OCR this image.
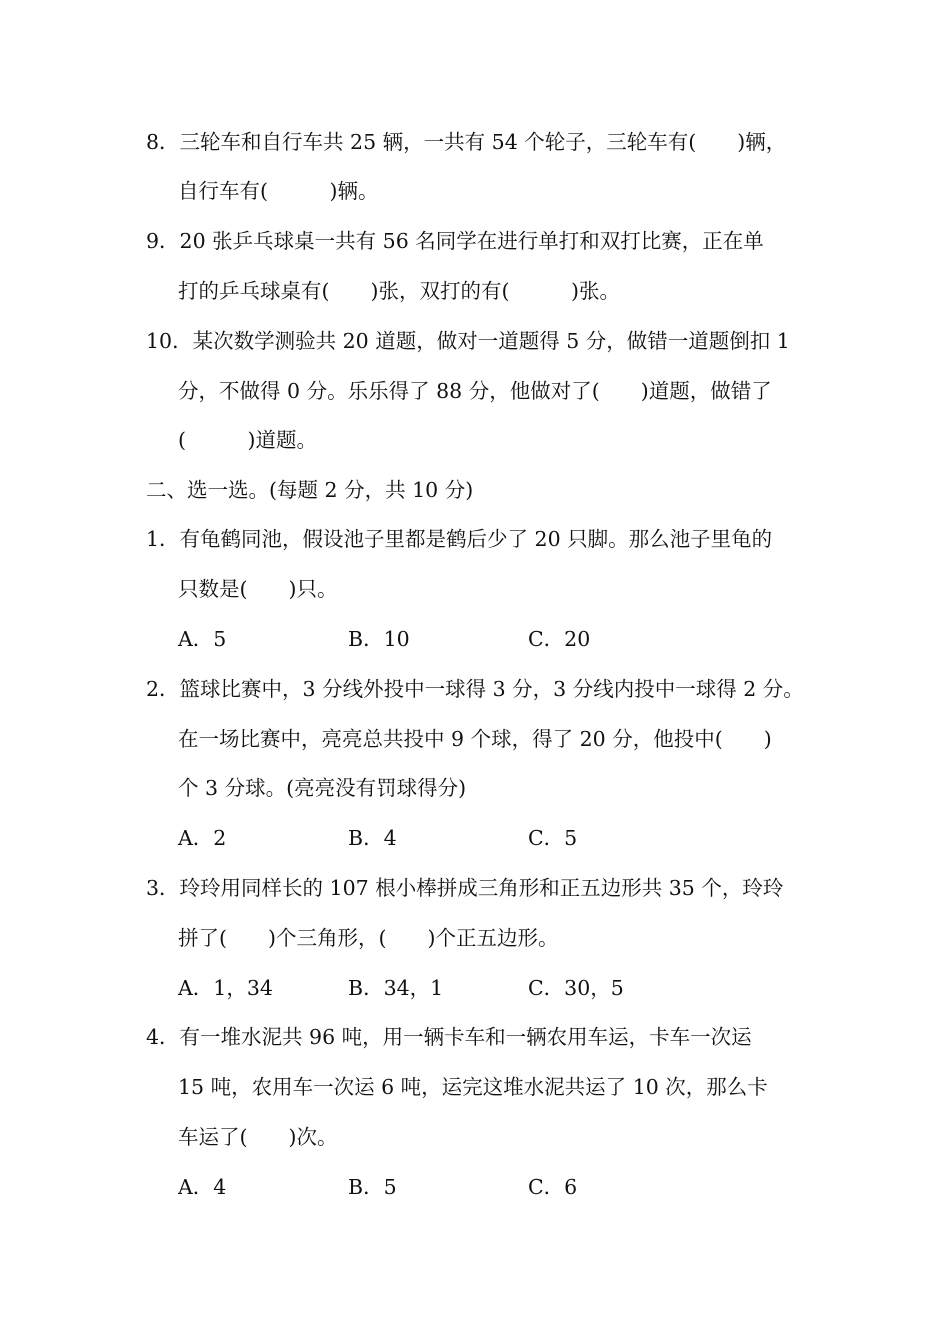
8．三轮车和自行车共 25 辆，一共有 54 个轮子，三轮车有(　　)辆，
自行车有(　　　)辆。
9．20 张乒乓球桌一共有 56 名同学在进行单打和双打比赛，正在单
打的乒乓球桌有(　　)张，双打的有(　　　)张。
10．某次数学测验共 20 道题，做对一道题得 5 分，做错一道题倒扣 1
分，不做得 0 分。乐乐得了 88 分，他做对了(　　)道题，做错了
(　　　)道题。
二、选一选。(每题 2 分，共 10 分)
1．有龟鹤同池，假设池子里都是鹤后少了 20 只脚。那么池子里龟的
只数是(　　)只。
A．5	B．10	C．20
2．篮球比赛中，3 分线外投中一球得 3 分，3 分线内投中一球得 2 分。
在一场比赛中，亮亮总共投中 9 个球，得了 20 分，他投中(　　)
个 3 分球。(亮亮没有罚球得分)
A．2	B．4	C．5
3．玲玲用同样长的 107 根小棒拼成三角形和正五边形共 35 个，玲玲
拼了(　　)个三角形，(　　)个正五边形。
A．1，34	B．34，1	C．30，5
4．有一堆水泥共 96 吨，用一辆卡车和一辆农用车运，卡车一次运
15 吨，农用车一次运 6 吨，运完这堆水泥共运了 10 次，那么卡
车运了(　　)次。
A．4	B．5	C．6
